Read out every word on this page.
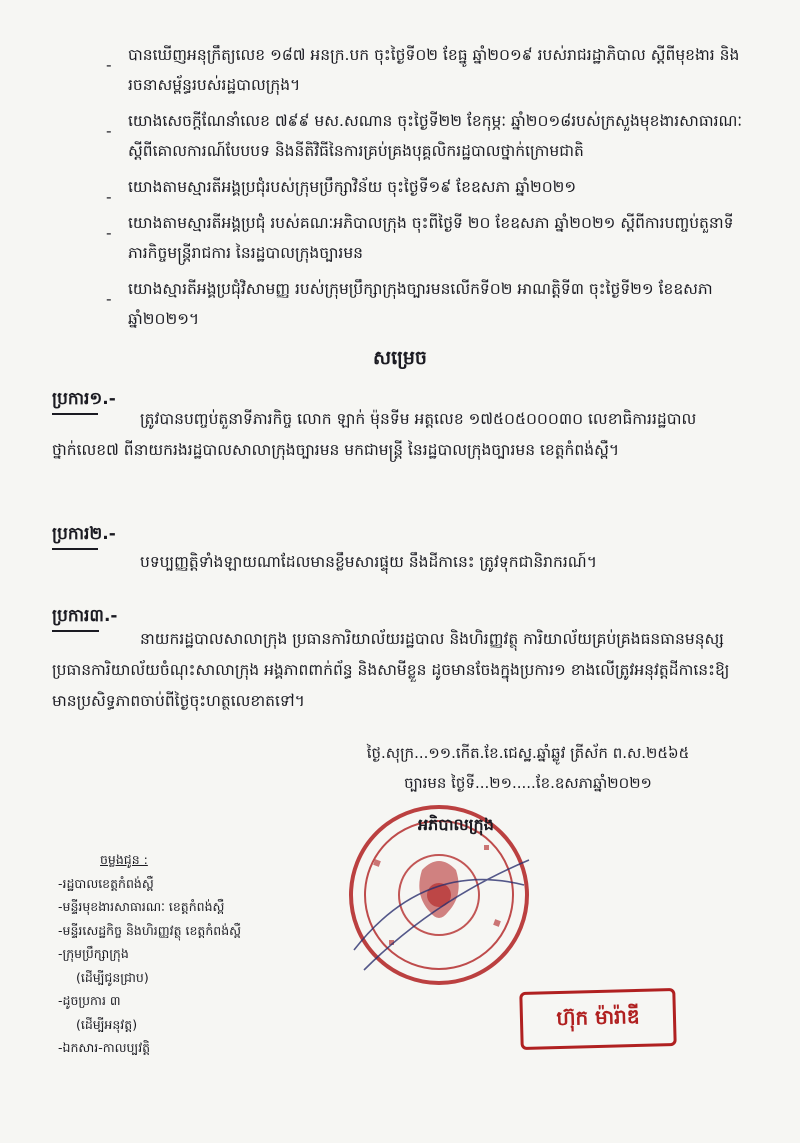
-
បានឃើញអនុក្រឹត្យលេខ ១៨៧ អនក្រ.បក ចុះថ្ងៃទី០២ ខែធ្នូ ឆ្នាំ២០១៩ របស់រាជរដ្ឋាភិបាល ស្តីពីមុខងារ និងរចនាសម្ព័ន្ធរបស់រដ្ឋបាលក្រុង។
-
យោងសេចក្តីណែនាំលេខ ៧៩៩ មស.សណាន ចុះថ្ងៃទី២២ ខែកុម្ភៈ ឆ្នាំ២០១៨របស់ក្រសួងមុខងារសាធារណៈ ស្តីពីគោលការណ៍បែបបទ និងនីតិវិធីនៃការគ្រប់គ្រងបុគ្គលិករដ្ឋបាលថ្នាក់ក្រោមជាតិ
-
យោងតាមស្មារតីអង្គប្រជុំរបស់ក្រុមប្រឹក្សាវិន័យ ចុះថ្ងៃទី១៩ ខែឧសភា ឆ្នាំ២០២១
-
យោងតាមស្មារតីអង្គប្រជុំ របស់គណៈអភិបាលក្រុង ចុះពីថ្ងៃទី ២០ ខែឧសភា ឆ្នាំ២០២១ ស្តីពីការបញ្ចប់តួនាទី ភារកិច្ចមន្ត្រីរាជការ នៃរដ្ឋបាលក្រុងច្បារមន
-
យោងស្មារតីអង្គប្រជុំវិសាមញ្ញ របស់ក្រុមប្រឹក្សាក្រុងច្បារមនលើកទី០២ អាណត្តិទី៣ ចុះថ្ងៃទី២១ ខែឧសភា ឆ្នាំ២០២១។
សម្រេច
ប្រការ១.-
ត្រូវបានបញ្ចប់តួនាទីភារកិច្ច លោក ឡាក់ ម៉ុនទីម អត្តលេខ ១៧៥០៥០០០៣០ លេខាធិការរដ្ឋបាល ថ្នាក់លេខ៧ ពីនាយករងរដ្ឋបាលសាលាក្រុងច្បារមន មកជាមន្ត្រី នៃរដ្ឋបាលក្រុងច្បារមន ខេត្តកំពង់ស្ពឺ។
ប្រការ២.-
បទប្បញ្ញត្តិទាំងឡាយណាដែលមានខ្លឹមសារផ្ទុយ នឹងដីកានេះ ត្រូវទុកជានិរាករណ៍។
ប្រការ៣.-
នាយករដ្ឋបាលសាលាក្រុង ប្រធានការិយាល័យរដ្ឋបាល និងហិរញ្ញវត្ថុ ការិយាល័យគ្រប់គ្រងធនធានមនុស្ស ប្រធានការិយាល័យចំណុះសាលាក្រុង អង្គភាពពាក់ព័ន្ធ និងសាមីខ្លួន ដូចមានចែងក្នុងប្រការ១ ខាងលើត្រូវអនុវត្តដីកានេះឱ្យមានប្រសិទ្ធភាពចាប់ពីថ្ងៃចុះហត្ថលេខាតទៅ។
ថ្ងៃ.សុក្រ...១១.កើត.ខែ.ជេស្ឋ.ឆ្នាំឆ្លូវ ត្រីស័ក ព.ស.២៥៦៥
ច្បារមន ថ្ងៃទី...២១.....ខែ.ឧសភាឆ្នាំ២០២១
អភិបាលក្រុង
ចម្លងជូន :
-រដ្ឋបាលខេត្តកំពង់ស្ពឺ
-មន្ទីរមុខងារសាធារណៈ ខេត្តកំពង់ស្ពឺ
-មន្ទីរសេដ្ឋកិច្ច និងហិរញ្ញវត្ថុ ខេត្តកំពង់ស្ពឺ
-ក្រុមប្រឹក្សាក្រុង
(ដើម្បីជូនជ្រាប)
-ដូចប្រការ ៣
(ដើម្បីអនុវត្ត)
-ឯកសារ-កាលប្បវត្តិ
ហ៊ុក ម៉ារ៉ាឌី
